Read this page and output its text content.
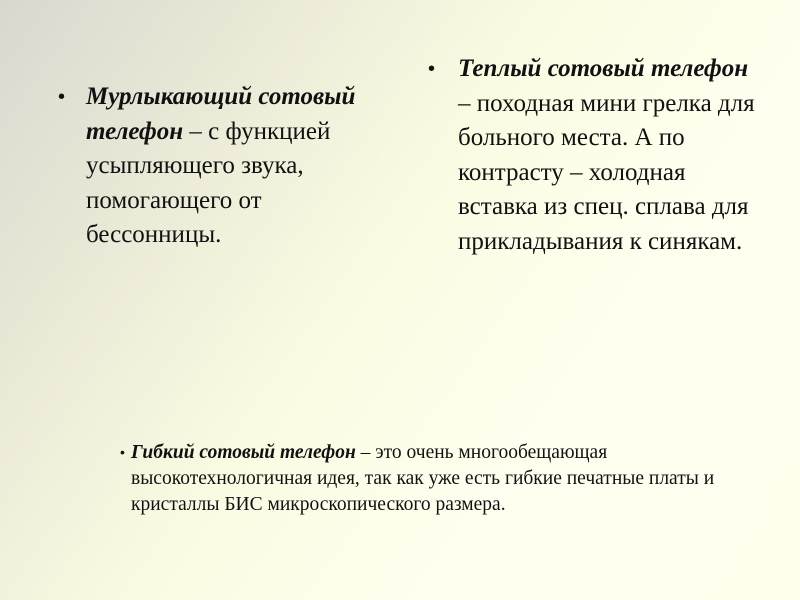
• Мурлыкающий сотовый телефон – с функцией усыпляющего звука, помогающего от бессонницы.
• Теплый сотовый телефон – походная мини грелка для больного места. А по контрасту – холодная вставка из спец. сплава для прикладывания к синякам.
• Гибкий сотовый телефон – это очень многообещающая высокотехнологичная идея, так как уже есть гибкие печатные платы и кристаллы БИС микроскопического размера.
